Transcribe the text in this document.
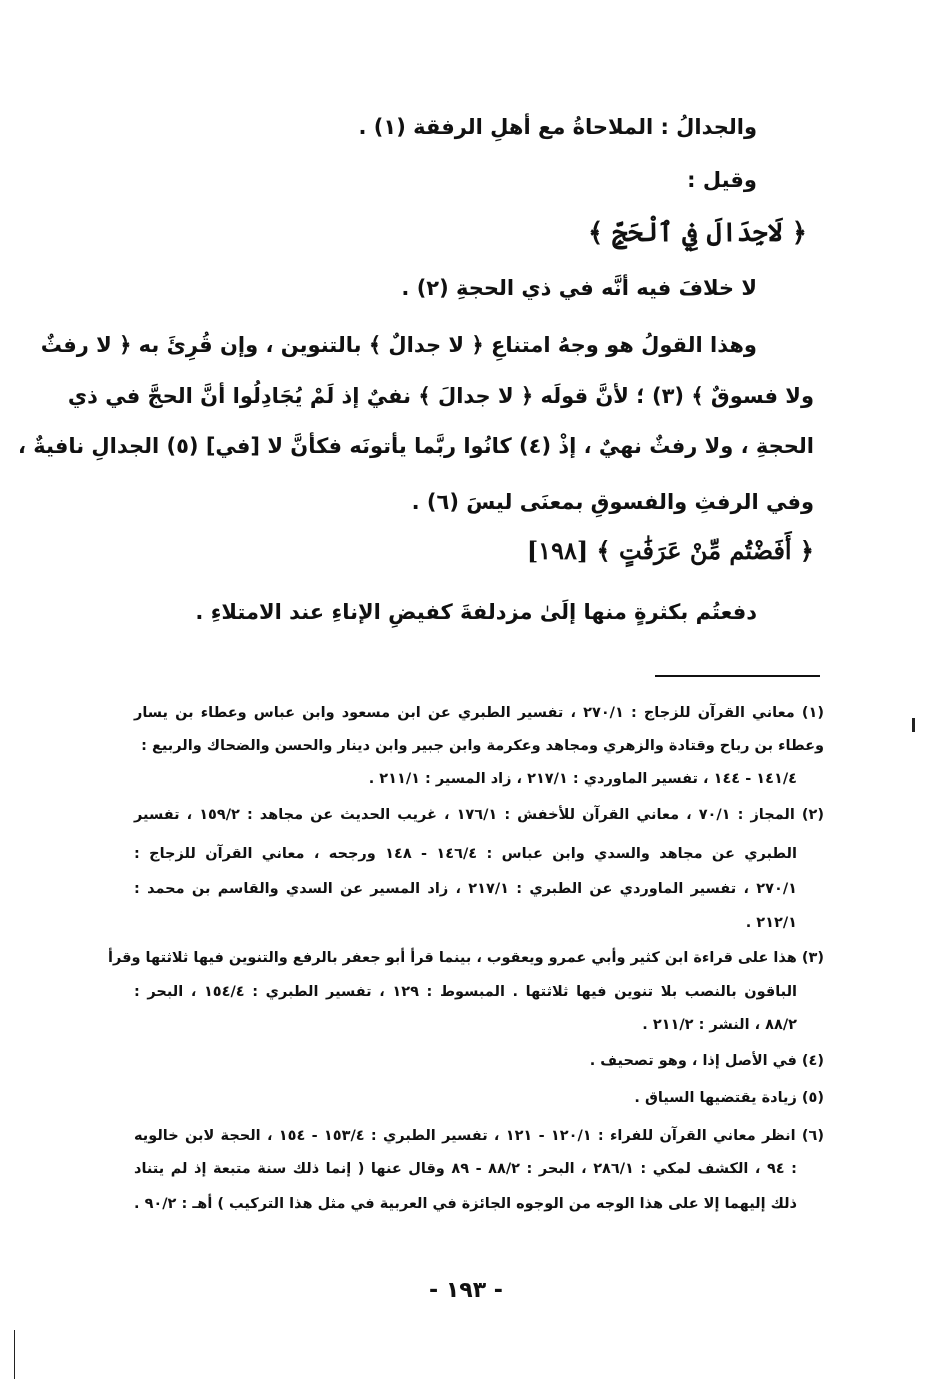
والجدالُ : الملاحاةُ مع أهلِ الرفقة (١) .
وقيل :
﴿ لَاجِدَالَ فِي ٱلْحَجِّ ﴾
لا خلافَ فيه أنَّه في ذي الحجةِ (٢) .
وهذا القولُ هو وجهُ امتناعِ ﴿ لا جدالٌ ﴾ بالتنوين ، وإن قُرِئَ به ﴿ لا رفثٌ
ولا فسوقٌ ﴾ (٣) ؛ لأنَّ قولَه ﴿ لا جدالَ ﴾ نفيٌ إذ لَمْ يُجَادِلُوا أنَّ الحجَّ في ذي
الحجةِ ، ولا رفثٌ نهيٌ ، إذْ (٤) كانُوا ربَّما يأتونَه فكأنَّ لا [في] (٥) الجدالِ نافيةٌ ،
وفي الرفثِ والفسوقِ بمعنَى ليسَ (٦) .
﴿ أَفَضْتُم مِّنْ عَرَفَٰتٍ ﴾ [١٩٨]
دفعتُم بكثرةٍ منها إلَىٰ مزدلفةَ كفيضِ الإناءِ عند الامتلاءِ .
(١) معاني القرآن للزجاج : ٢٧٠/١ ، تفسير الطبري عن ابن مسعود وابن عباس وعطاء بن يسار
وعطاء بن رباح وقتادة والزهري ومجاهد وعكرمة وابن جبير وابن دينار والحسن والضحاك والربيع :
١٤١/٤ - ١٤٤ ، تفسير الماوردي : ٢١٧/١ ، زاد المسير : ٢١١/١ .
(٢) المجاز : ٧٠/١ ، معاني القرآن للأخفش : ١٧٦/١ ، غريب الحديث عن مجاهد : ١٥٩/٢ ، تفسير
الطبري عن مجاهد والسدي وابن عباس : ١٤٦/٤ - ١٤٨ ورجحه ، معاني القرآن للزجاج :
٢٧٠/١ ، تفسير الماوردي عن الطبري : ٢١٧/١ ، زاد المسير عن السدي والقاسم بن محمد :
٢١٢/١ .
(٣) هذا على قراءة ابن كثير وأبي عمرو ويعقوب ، بينما قرأ أبو جعفر بالرفع والتنوين فيها ثلاثتها وقرأ
الباقون بالنصب بلا تنوين فيها ثلاثتها . المبسوط : ١٢٩ ، تفسير الطبري : ١٥٤/٤ ، البحر :
٨٨/٢ ، النشر : ٢١١/٢ .
(٤) في الأصل إذا ، وهو تصحيف .
(٥) زيادة يقتضيها السياق .
(٦) انظر معاني القرآن للفراء : ١٢٠/١ - ١٢١ ، تفسير الطبري : ١٥٣/٤ - ١٥٤ ، الحجة لابن خالويه
: ٩٤ ، الكشف لمكي : ٢٨٦/١ ، البحر : ٨٨/٢ - ٨٩ وقال عنها ( إنما ذلك سنة متبعة إذ لم يتناد
ذلك إليهما إلا على هذا الوجه من الوجوه الجائزة في العربية في مثل هذا التركيب ) أهـ : ٩٠/٢ .
- ١٩٣ -
